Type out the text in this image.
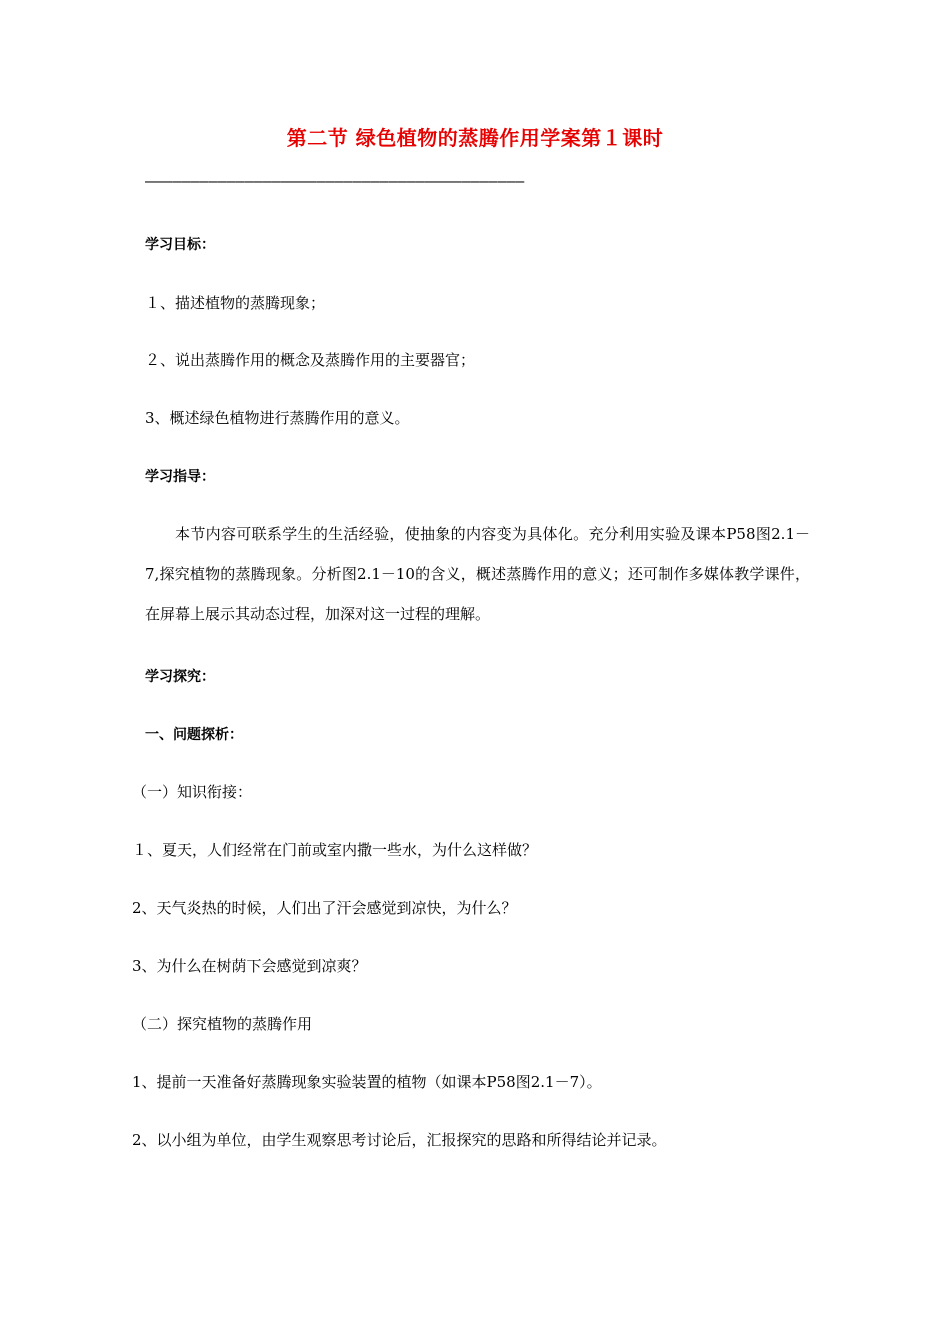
第二节 绿色植物的蒸腾作用学案第１课时
——————————————————————————————————————————
学习目标：
１、描述植物的蒸腾现象；
２、说出蒸腾作用的概念及蒸腾作用的主要器官；
3、概述绿色植物进行蒸腾作用的意义。
学习指导：
本节内容可联系学生的生活经验，使抽象的内容变为具体化。充分利用实验及课本P58图2.1－7,探究植物的蒸腾现象。分析图2.1－10的含义，概述蒸腾作用的意义；还可制作多媒体教学课件，在屏幕上展示其动态过程，加深对这一过程的理解。
学习探究：
一、问题探析：
（一）知识衔接：
１、夏天，人们经常在门前或室内撒一些水，为什么这样做？
2、天气炎热的时候，人们出了汗会感觉到凉快，为什么？
3、为什么在树荫下会感觉到凉爽？
（二）探究植物的蒸腾作用
1、提前一天准备好蒸腾现象实验装置的植物（如课本P58图2.1－7）。
2、以小组为单位，由学生观察思考讨论后，汇报探究的思路和所得结论并记录。
